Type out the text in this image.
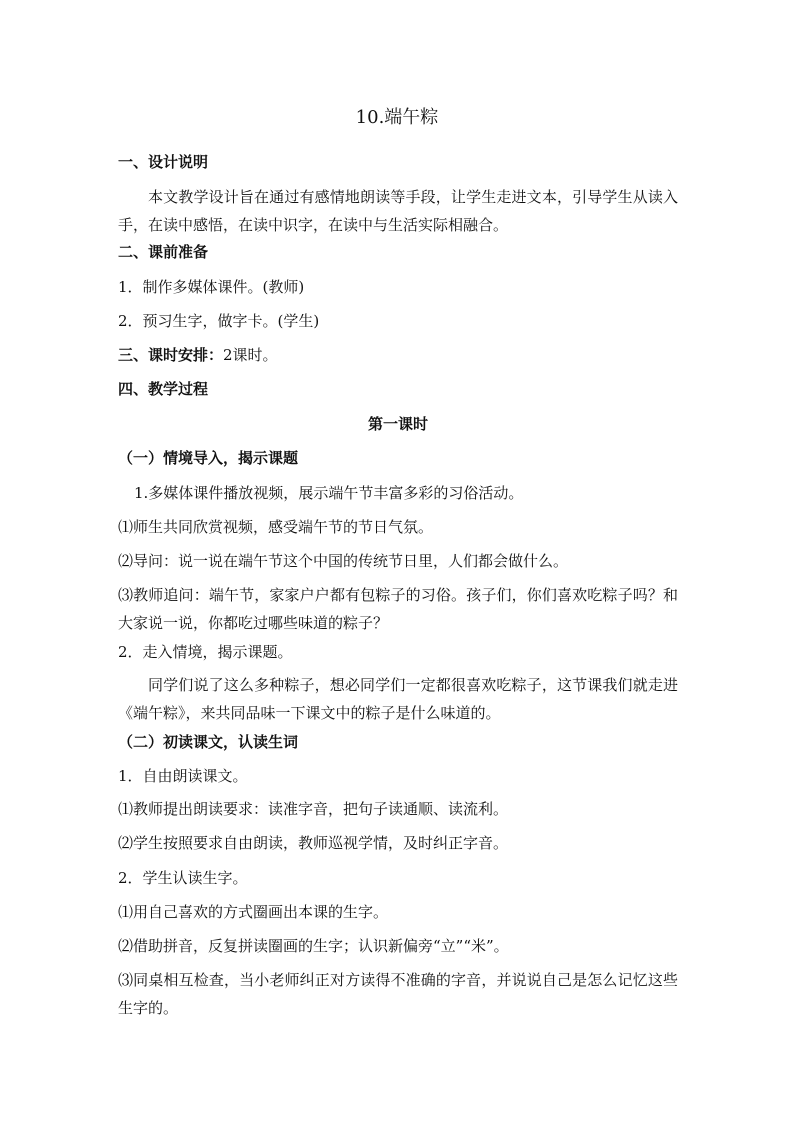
10.端午粽
一、设计说明
本文教学设计旨在通过有感情地朗读等手段，让学生走进文本，引导学生从读入手，在读中感悟，在读中识字，在读中与生活实际相融合。
二、课前准备
1．制作多媒体课件。(教师)
2．预习生字，做字卡。(学生)
三、课时安排：2课时。
四、教学过程
第一课时
（一）情境导入，揭示课题
1.多媒体课件播放视频，展示端午节丰富多彩的习俗活动。
⑴师生共同欣赏视频，感受端午节的节日气氛。
⑵导问：说一说在端午节这个中国的传统节日里，人们都会做什么。
⑶教师追问：端午节，家家户户都有包粽子的习俗。孩子们，你们喜欢吃粽子吗？和大家说一说，你都吃过哪些味道的粽子？
2．走入情境，揭示课题。
同学们说了这么多种粽子，想必同学们一定都很喜欢吃粽子，这节课我们就走进《端午粽》，来共同品味一下课文中的粽子是什么味道的。
（二）初读课文，认读生词
1．自由朗读课文。
⑴教师提出朗读要求：读准字音，把句子读通顺、读流利。
⑵学生按照要求自由朗读，教师巡视学情，及时纠正字音。
2．学生认读生字。
⑴用自己喜欢的方式圈画出本课的生字。
⑵借助拼音，反复拼读圈画的生字；认识新偏旁“立”“米”。
⑶同桌相互检查，当小老师纠正对方读得不准确的字音，并说说自己是怎么记忆这些生字的。
